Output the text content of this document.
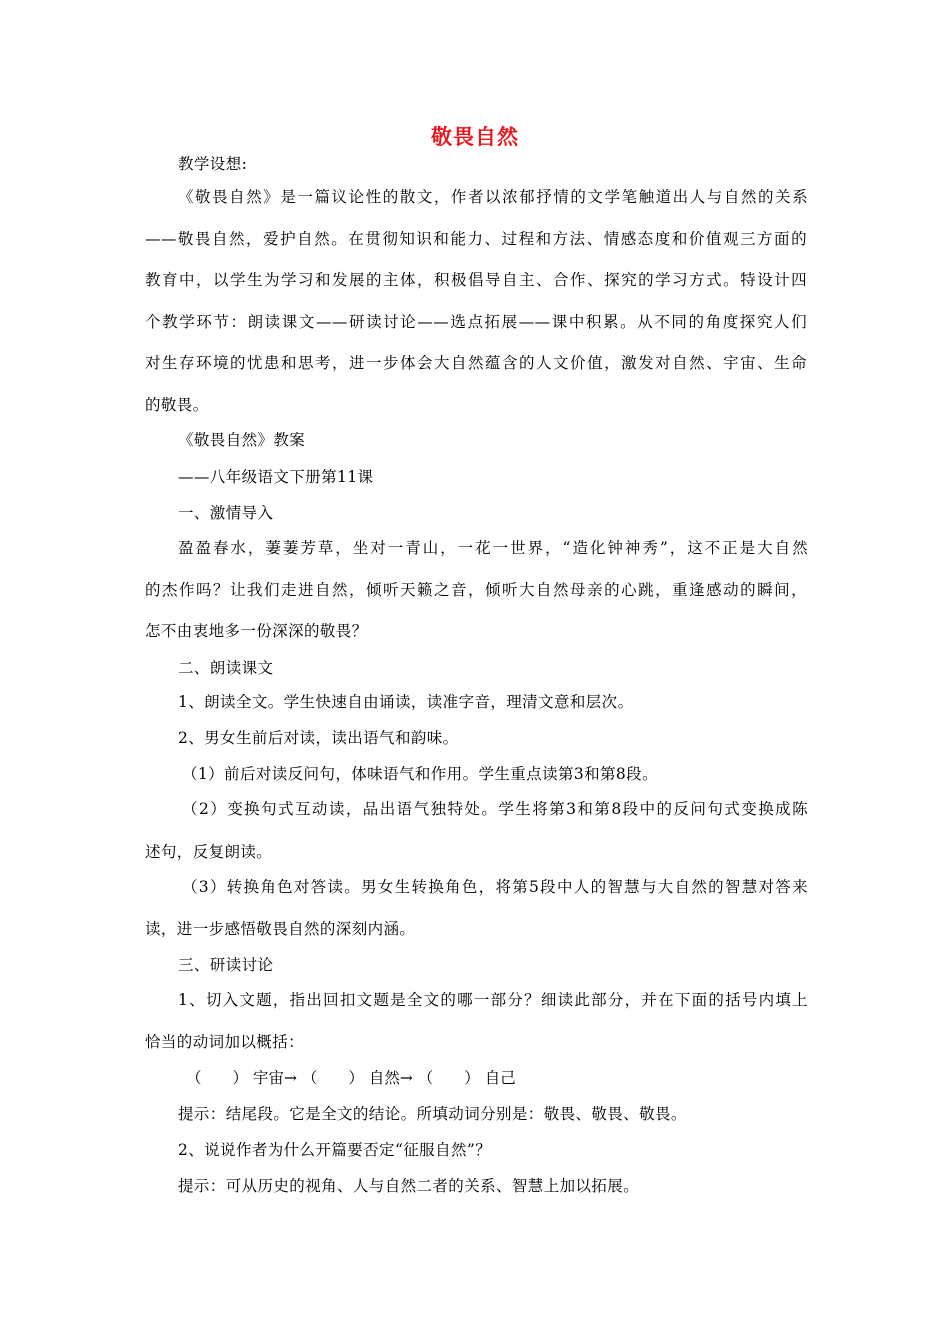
敬畏自然
教学设想:
《敬畏自然》是一篇议论性的散文，作者以浓郁抒情的文学笔触道出人与自然的关系
——敬畏自然，爱护自然。在贯彻知识和能力、过程和方法、情感态度和价值观三方面的
教育中，以学生为学习和发展的主体，积极倡导自主、合作、探究的学习方式。特设计四
个教学环节：朗读课文——研读讨论——选点拓展——课中积累。从不同的角度探究人们
对生存环境的忧患和思考，进一步体会大自然蕴含的人文价值，激发对自然、宇宙、生命
的敬畏。
《敬畏自然》教案
——八年级语文下册第11课
一、激情导入
盈盈春水，萋萋芳草，坐对一青山，一花一世界，“造化钟神秀”，这不正是大自然
的杰作吗？让我们走进自然，倾听天籁之音，倾听大自然母亲的心跳，重逢感动的瞬间，
怎不由衷地多一份深深的敬畏？
二、朗读课文
1、朗读全文。学生快速自由诵读，读准字音，理清文意和层次。
2、男女生前后对读，读出语气和韵味。
（1）前后对读反问句，体味语气和作用。学生重点读第3和第8段。
（2）变换句式互动读，品出语气独特处。学生将第3和第8段中的反问句式变换成陈
述句，反复朗读。
（3）转换角色对答读。男女生转换角色，将第5段中人的智慧与大自然的智慧对答来
读，进一步感悟敬畏自然的深刻内涵。
三、研读讨论
1、切入文题，指出回扣文题是全文的哪一部分？细读此部分，并在下面的括号内填上
恰当的动词加以概括：
（　　） 宇宙→ （　　） 自然→ （　　） 自己
提示：结尾段。它是全文的结论。所填动词分别是：敬畏、敬畏、敬畏。
2、说说作者为什么开篇要否定“征服自然”？
提示：可从历史的视角、人与自然二者的关系、智慧上加以拓展。
